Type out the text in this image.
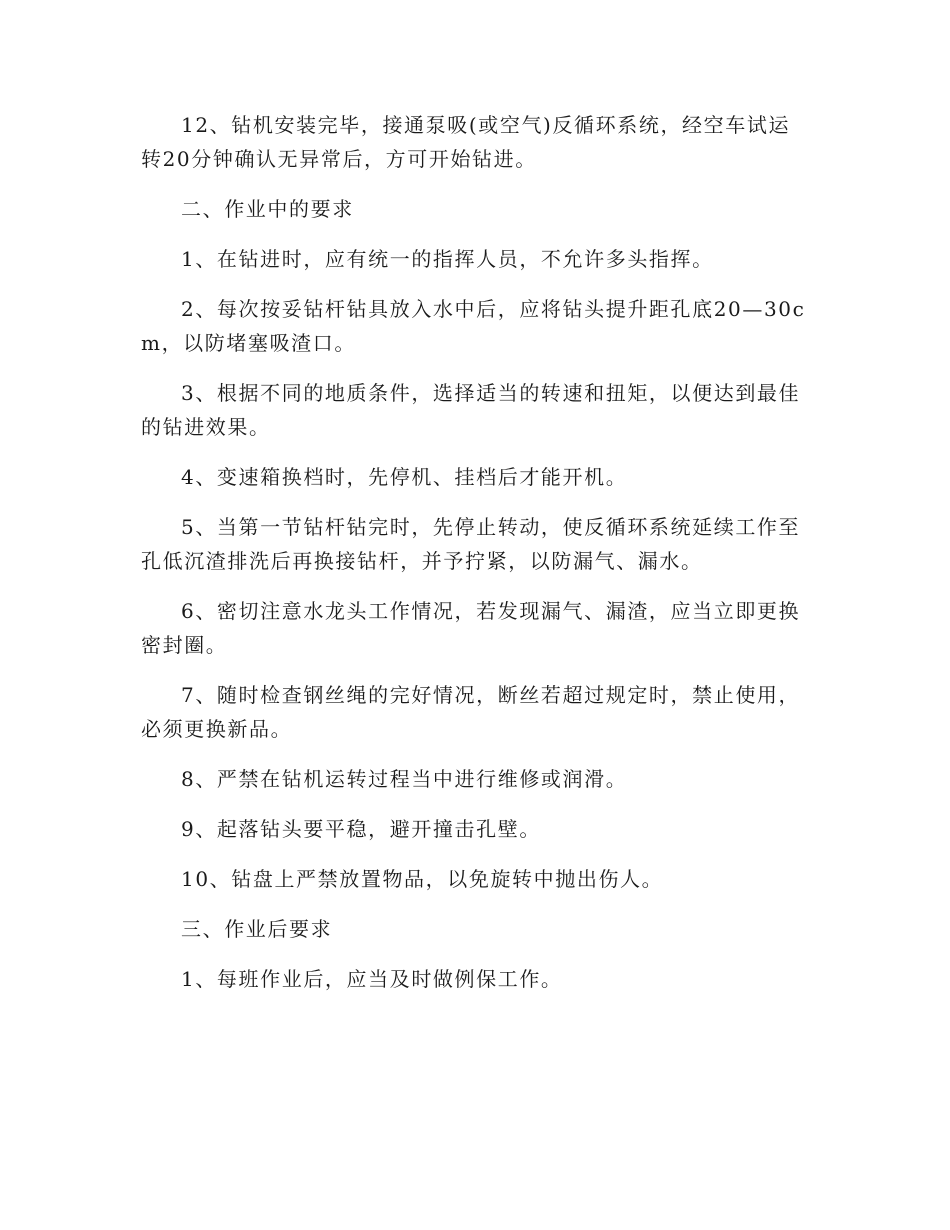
12、钻机安装完毕，接通泵吸(或空气)反循环系统，经空车试运转20分钟确认无异常后，方可开始钻进。

二、作业中的要求

1、在钻进时，应有统一的指挥人员，不允许多头指挥。

2、每次按妥钻杆钻具放入水中后，应将钻头提升距孔底20—30cm，以防堵塞吸渣口。

3、根据不同的地质条件，选择适当的转速和扭矩，以便达到最佳的钻进效果。

4、变速箱换档时，先停机、挂档后才能开机。

5、当第一节钻杆钻完时，先停止转动，使反循环系统延续工作至孔低沉渣排洗后再换接钻杆，并予拧紧，以防漏气、漏水。

6、密切注意水龙头工作情况，若发现漏气、漏渣，应当立即更换密封圈。

7、随时检查钢丝绳的完好情况，断丝若超过规定时，禁止使用，必须更换新品。

8、严禁在钻机运转过程当中进行维修或润滑。

9、起落钻头要平稳，避开撞击孔壁。

10、钻盘上严禁放置物品，以免旋转中抛出伤人。

三、作业后要求

1、每班作业后，应当及时做例保工作。
